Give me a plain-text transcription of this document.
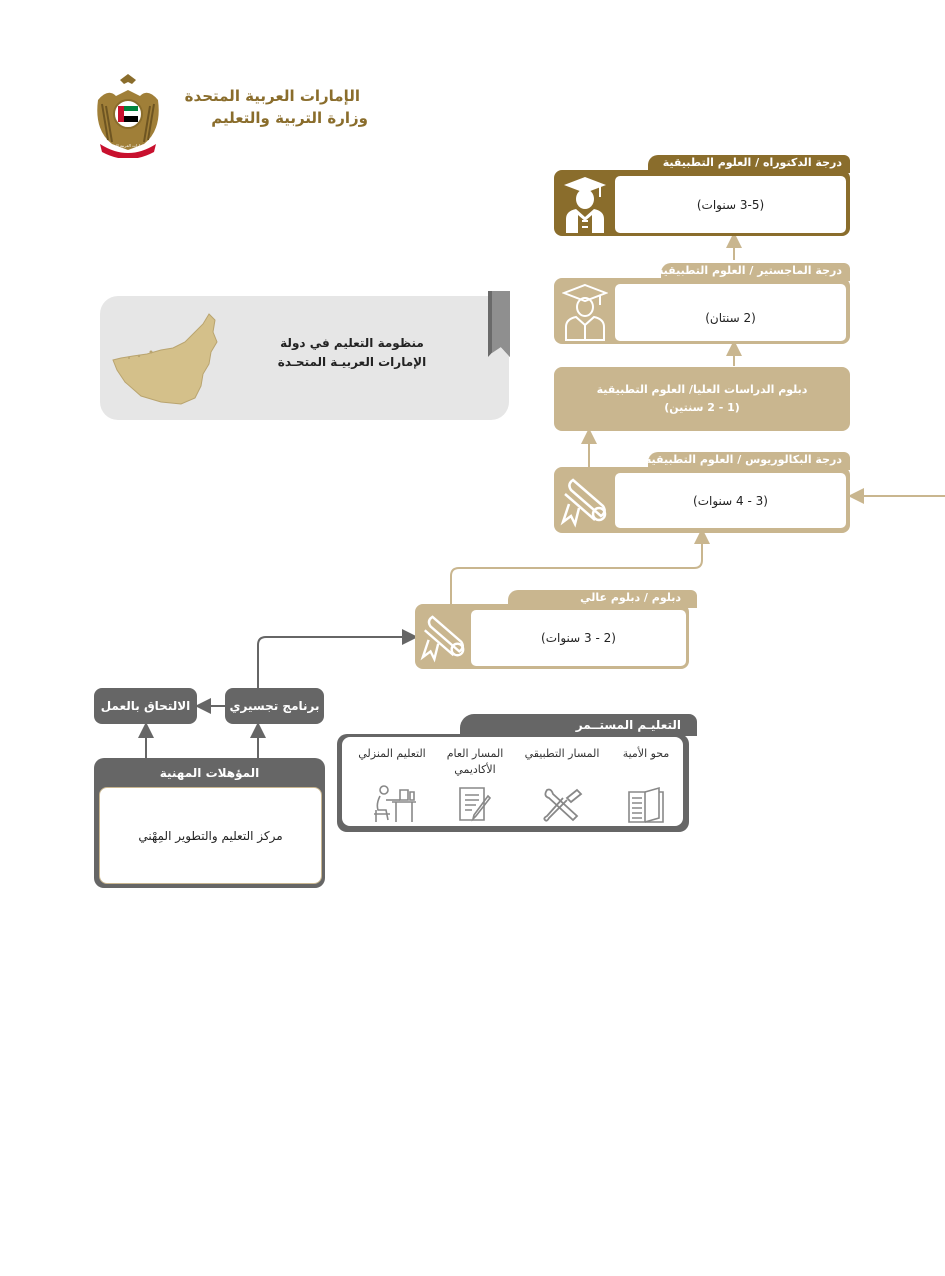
الإمارات العربية المتحدة
الإمارات العربية المتحدة
وزارة التربية والتعليم
منظومة التعليم في دولة
الإمارات العربيـة المتحـدة
درجة الدكتوراه / العلوم التطبيقية
(3-5 سنوات)
درجة الماجستير / العلوم التطبيقية
(2 سنتان)
دبلوم الدراسات العليا/ العلوم التطبيقية
(1 - 2 سنتين)
درجة البكالوريوس / العلوم التطبيقية
(3 - 4 سنوات)
دبلوم / دبلوم عالي
(2 - 3 سنوات)
برنامج تجسيري
الالتحاق بالعمل
المؤهلات المهنية
مركز التعليم والتطوير المِهْني
التعليـم المستــمر
محو الأمية
المسار التطبيقي
المسار العام الأكاديمي
التعليم المنزلي
